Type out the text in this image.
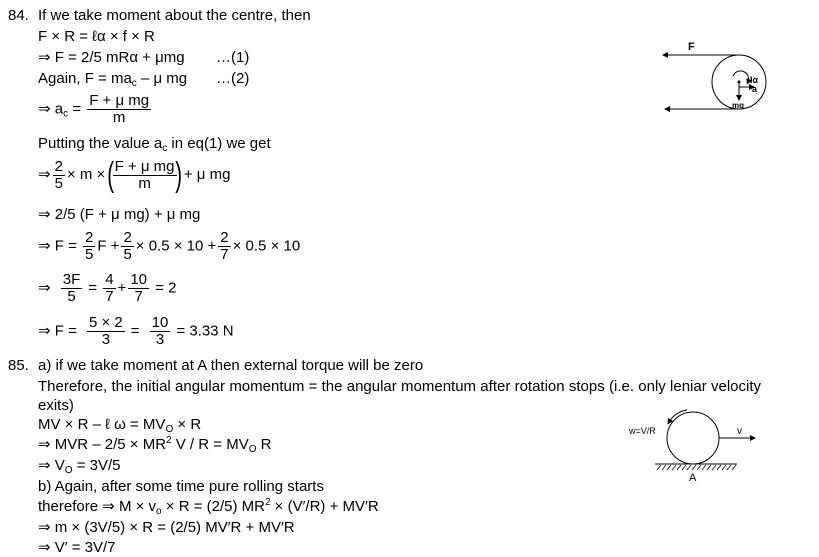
84. If we take moment about the centre, then
F × R = ℓα × f × R
⇒ F = 2/5 mRα + μmg …(1)
Again, $F = ma_c - \mu$ mg …(2)
⇒ $a_c = \frac{\text{F + μ mg}}{m}$
Putting the value $a_c$ in eq(1) we get
⇒ $\frac{2}{5} \times m$ ×(
$\frac{\text{F + μ mg}}{m}$
) + μ mg
⇒ 2/5 (F + μ mg) + μ mg
⇒ $F = \frac{2}{5}$ $F + \frac{2}{5} \times 0.5 \times 10 + \frac{2}{7} \times 0.5 \times 10$
⇒ $\frac{3F}{5} = \frac{4}{7} + \frac{10}{7} = 2$
⇒ $F = \frac{5 \times 2}{3} = \frac{10}{3} = 3.33$ N
F
Iα
a
mg
85. a) if we take moment at A then external torque will be zero
Therefore, the initial angular momentum = the angular momentum after rotation stops (i.e. only leniar velocity exits)
MV × R – ℓ $\omega = MV_O \times R$
⇒ MVR – $2/5 \times MR^2$ $V / R = MV_O$ R
⇒ $V_O = 3V/5$
b) Again, after some time pure rolling starts
therefore ⇒ $M \times v_o \times R = (2/5) MR^2 \times (V'/R) + MV'R$
⇒ m × (3V/5) × R = (2/5) MV′R + MV′R
⇒ V′ = 3V/7
w=V/R	v
A
